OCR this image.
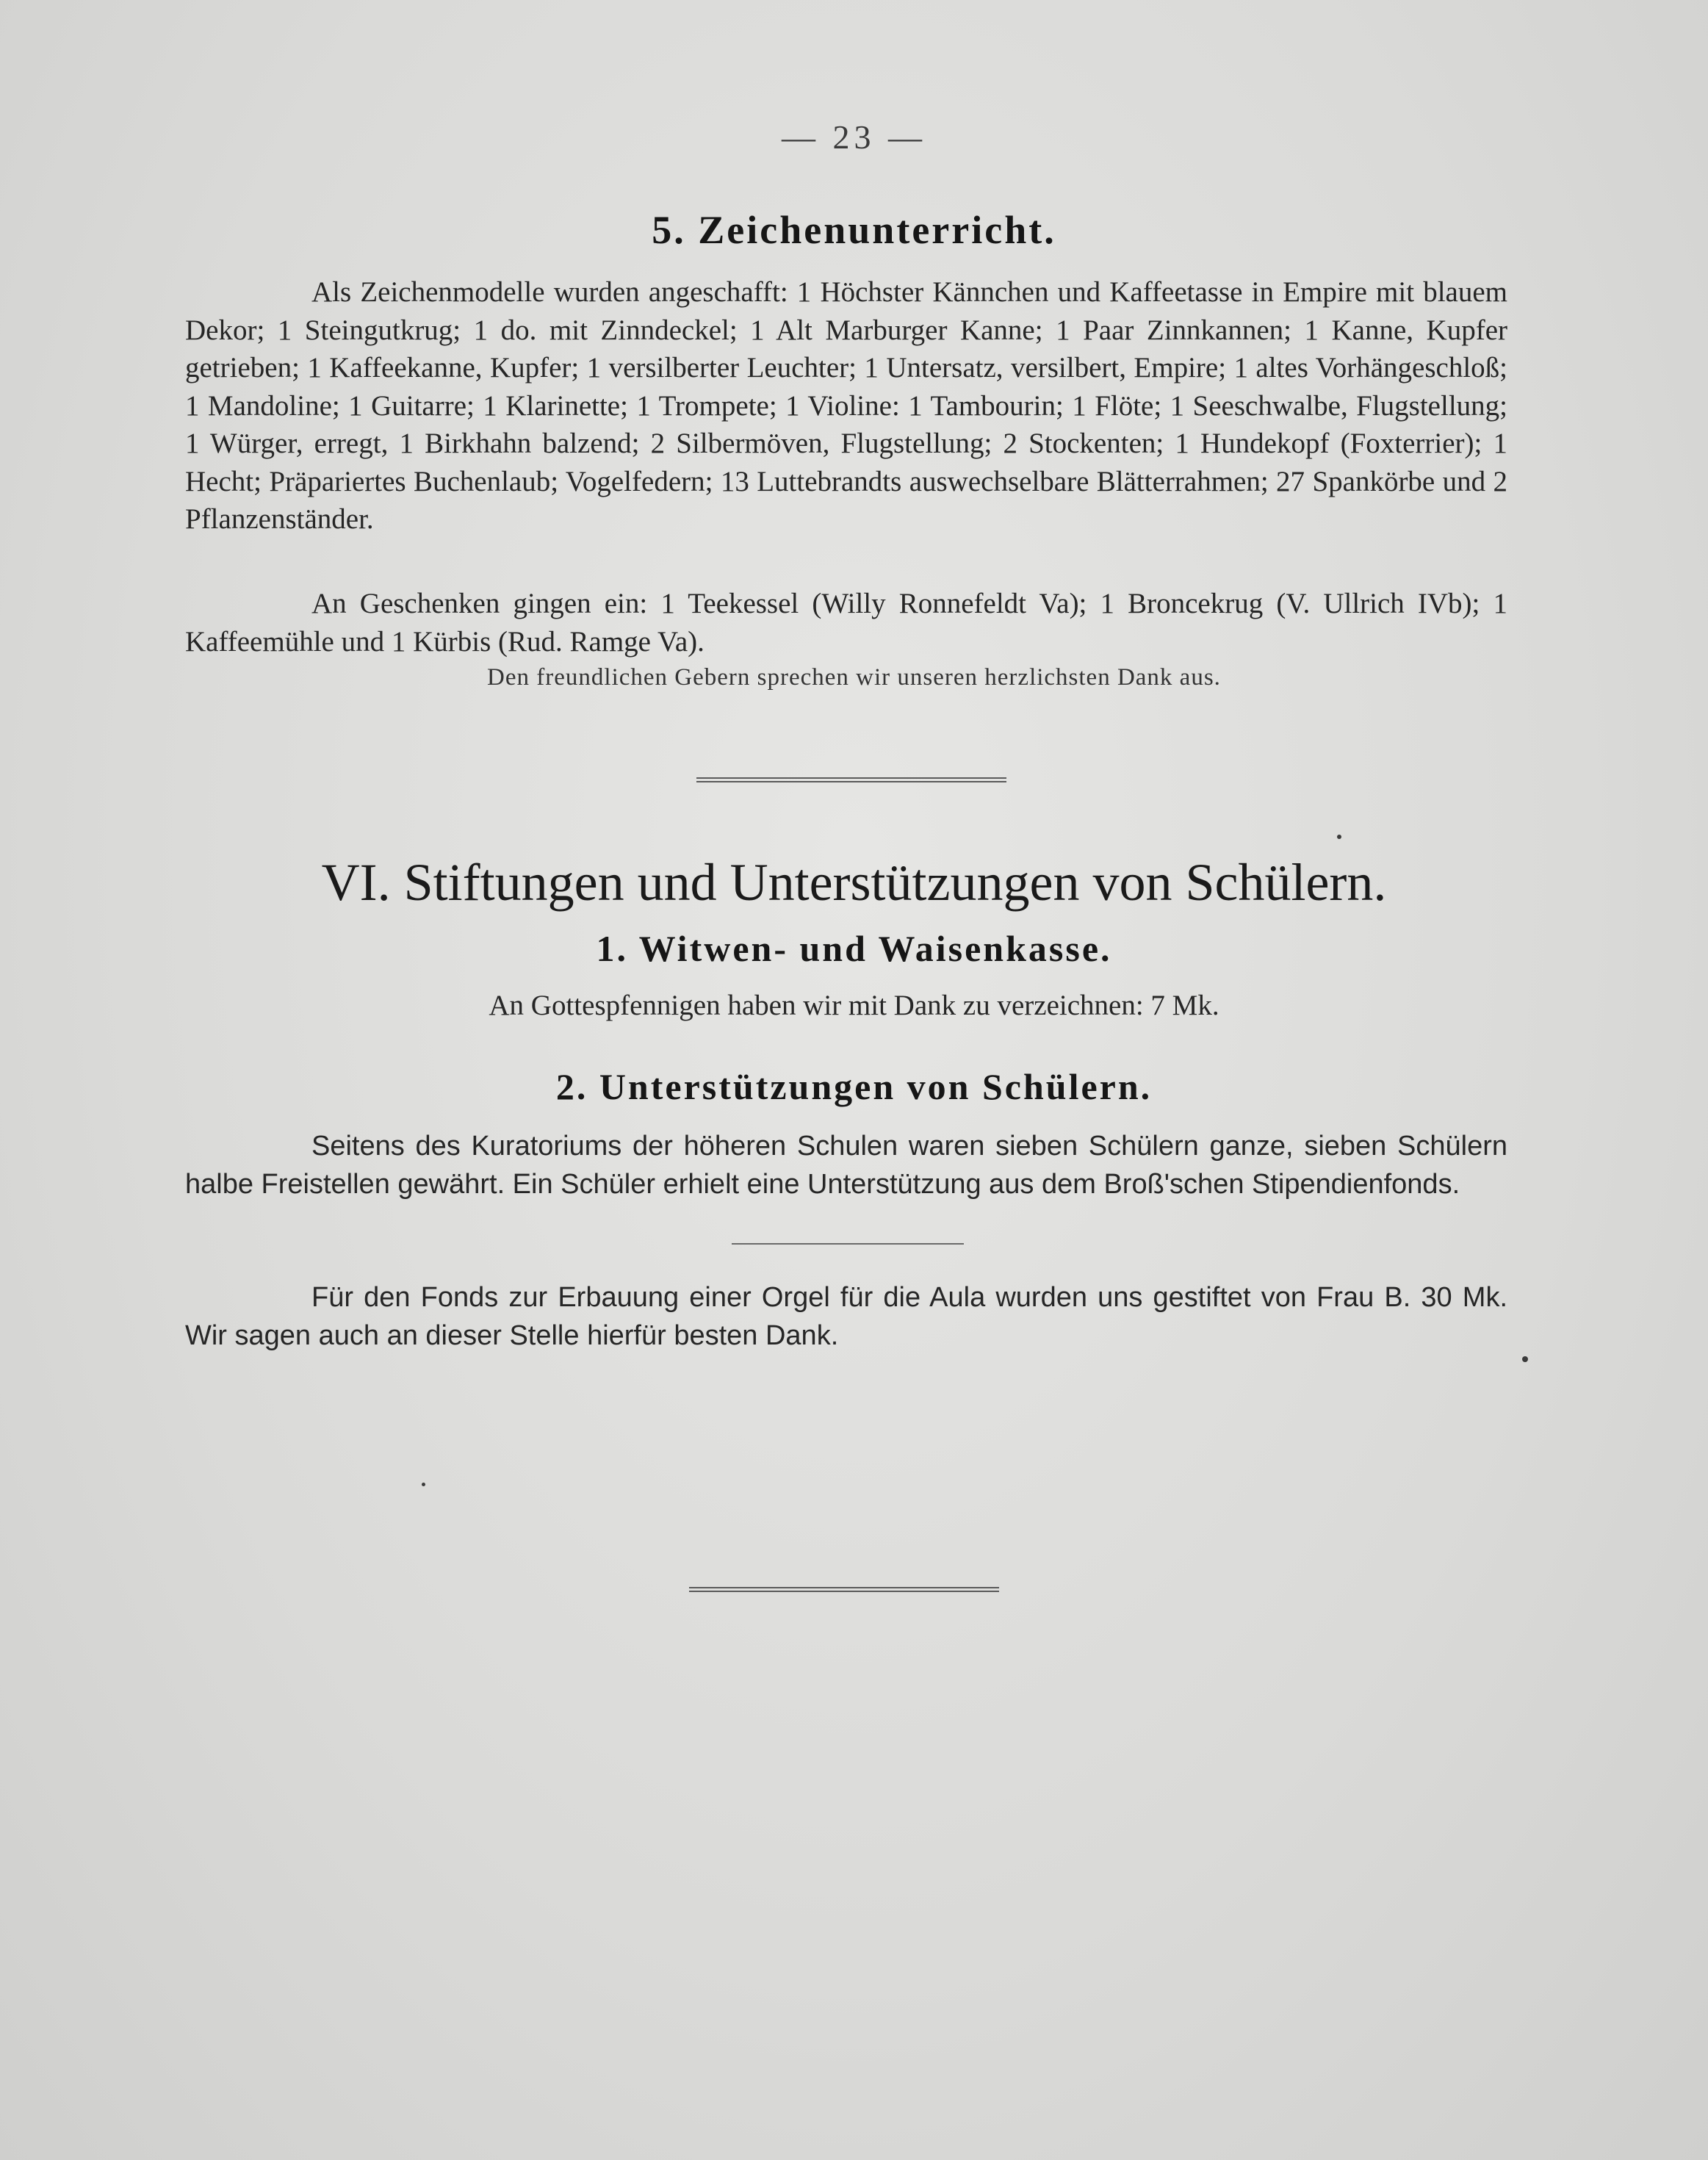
— 23 —
5. Zeichenunterricht.

Als Zeichenmodelle wurden angeschafft: 1 Höchster Kännchen und Kaffeetasse in Empire mit blauem Dekor; 1 Steingutkrug; 1 do. mit Zinndeckel; 1 Alt Marburger Kanne; 1 Paar Zinnkannen; 1 Kanne, Kupfer getrieben; 1 Kaffeekanne, Kupfer; 1 versilberter Leuchter; 1 Untersatz, versilbert, Empire; 1 altes Vorhängeschloß; 1 Mandoline; 1 Guitarre; 1 Klarinette; 1 Trompete; 1 Violine: 1 Tambourin; 1 Flöte; 1 Seeschwalbe, Flugstellung; 1 Würger, erregt, 1 Birkhahn balzend; 2 Silbermöven, Flugstellung; 2 Stockenten; 1 Hundekopf (Foxterrier); 1 Hecht; Präpariertes Buchenlaub; Vogelfedern; 13 Luttebrandts auswechselbare Blätterrahmen; 27 Spankörbe und 2 Pflanzenständer.

An Geschenken gingen ein: 1 Teekessel (Willy Ronnefeldt Va); 1 Broncekrug (V. Ullrich IVb); 1 Kaffeemühle und 1 Kürbis (Rud. Ramge Va).

Den freundlichen Gebern sprechen wir unseren herzlichsten Dank aus.
VI. Stiftungen und Unterstützungen von Schülern.
1. Witwen- und Waisenkasse.
An Gottespfennigen haben wir mit Dank zu verzeichnen: 7 Mk.
2. Unterstützungen von Schülern.

Seitens des Kuratoriums der höheren Schulen waren sieben Schülern ganze, sieben Schülern halbe Freistellen gewährt. Ein Schüler erhielt eine Unterstützung aus dem Broß'schen Stipendienfonds.

Für den Fonds zur Erbauung einer Orgel für die Aula wurden uns gestiftet von Frau B. 30 Mk. Wir sagen auch an dieser Stelle hierfür besten Dank.
